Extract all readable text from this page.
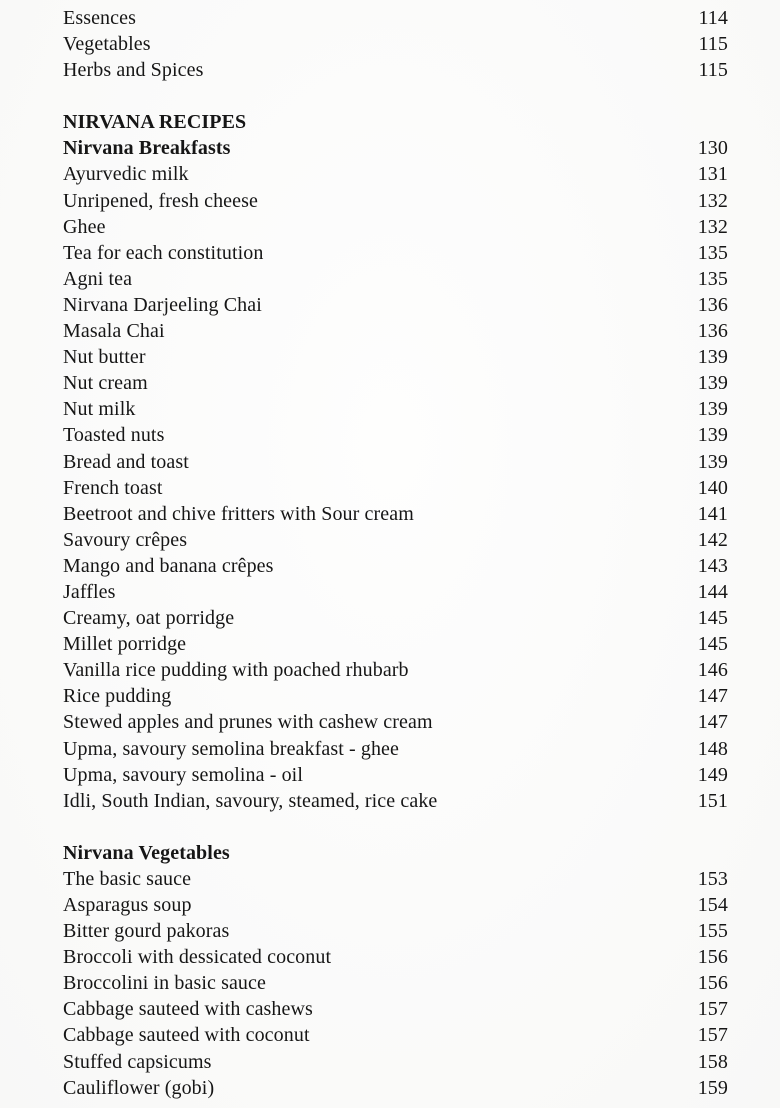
Essences	114
Vegetables	115
Herbs and Spices	115
NIRVANA RECIPES
Nirvana Breakfasts	130
Ayurvedic milk	131
Unripened, fresh cheese	132
Ghee	132
Tea for each constitution	135
Agni tea	135
Nirvana Darjeeling Chai	136
Masala Chai	136
Nut butter	139
Nut cream	139
Nut milk	139
Toasted nuts	139
Bread and toast	139
French toast	140
Beetroot and chive fritters with Sour cream	141
Savoury crêpes	142
Mango and banana crêpes	143
Jaffles	144
Creamy, oat porridge	145
Millet porridge	145
Vanilla rice pudding with poached rhubarb	146
Rice pudding	147
Stewed apples and prunes with cashew cream	147
Upma, savoury semolina breakfast - ghee	148
Upma, savoury semolina - oil	149
Idli, South Indian, savoury, steamed, rice cake	151
Nirvana Vegetables
The basic sauce	153
Asparagus soup	154
Bitter gourd pakoras	155
Broccoli with dessicated coconut	156
Broccolini in basic sauce	156
Cabbage sauteed with cashews	157
Cabbage sauteed with coconut	157
Stuffed capsicums	158
Cauliflower (gobi)	159
